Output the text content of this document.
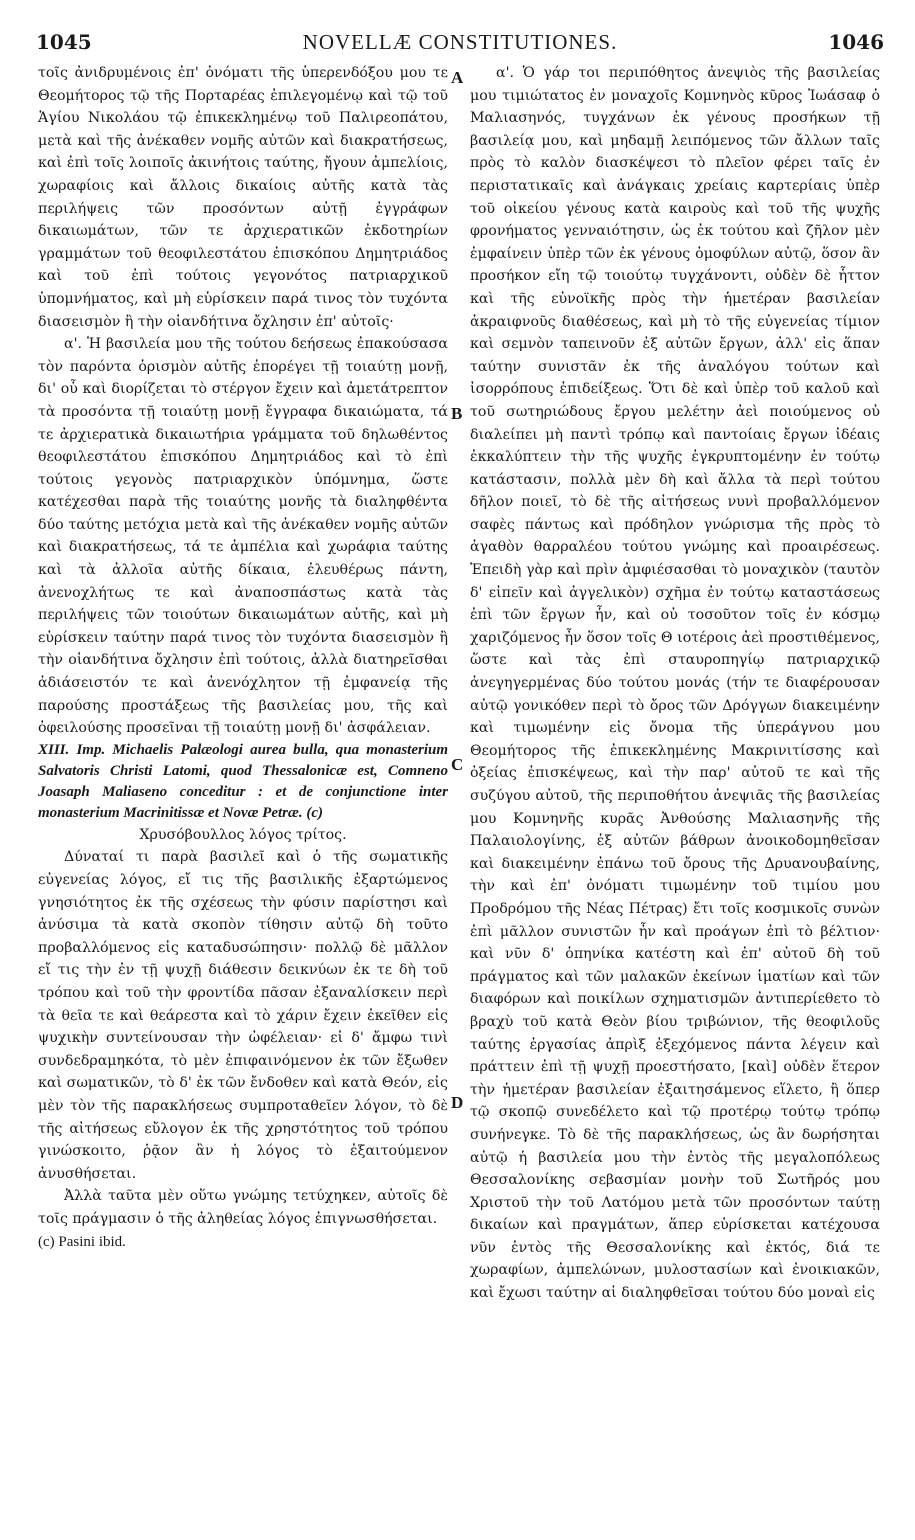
1045	NOVELLÆ CONSTITUTIONES.	1046
A
B
C
D

τοῖς ἀνιδρυμένοις ἐπ' ὀνόματι τῆς ὑπερενδόξου μου τε Θεομήτορος τῷ τῆς Πορταρέας ἐπιλεγομένῳ καὶ τῷ τοῦ Ἁγίου Νικολάου τῷ ἐπικεκλημένῳ τοῦ Παλιρεοπάτου, μετὰ καὶ τῆς ἀνέκαθεν νομῆς αὐτῶν καὶ διακρατήσεως, καὶ ἐπὶ τοῖς λοιποῖς ἀκινήτοις ταύτης, ἤγουν ἀμπελίοις, χωραφίοις καὶ ἄλλοις δικαίοις αὐτῆς κατὰ τὰς περιλήψεις τῶν προσόντων αὐτῇ ἐγγράφων δικαιωμάτων, τῶν τε ἀρχιερατικῶν ἐκδοτηρίων γραμμάτων τοῦ θεοφιλεστάτου ἐπισκόπου Δημητριάδος καὶ τοῦ ἐπὶ τούτοις γεγονότος πατριαρχικοῦ ὑπομνήματος, καὶ μὴ εὑρίσκειν παρά τινος τὸν τυχόντα διασεισμὸν ἢ τὴν οἱανδήτινα ὄχλησιν ἐπ' αὐτοῖς·

α'. Ἡ βασιλεία μου τῆς τούτου δεήσεως ἐπακούσασα τὸν παρόντα ὁρισμὸν αὐτῆς ἐπορέγει τῇ τοιαύτῃ μονῇ, δι' οὗ καὶ διορίζεται τὸ στέργον ἔχειν καὶ ἀμετάτρεπτον τὰ προσόντα τῇ τοιαύτῃ μονῇ ἔγγραφα δικαιώματα, τά τε ἀρχιερατικὰ δικαιωτήρια γράμματα τοῦ δηλωθέντος θεοφιλεστάτου ἐπισκόπου Δημητριάδος καὶ τὸ ἐπὶ τούτοις γεγονὸς πατριαρχικὸν ὑπόμνημα, ὥστε κατέχεσθαι παρὰ τῆς τοιαύτης μονῆς τὰ διαληφθέντα δύο ταύτης μετόχια μετὰ καὶ τῆς ἀνέκαθεν νομῆς αὐτῶν καὶ διακρατήσεως, τά τε ἀμπέλια καὶ χωράφια ταύτης καὶ τὰ ἀλλοῖα αὐτῆς δίκαια, ἐλευθέρως πάντη, ἀνενοχλήτως τε καὶ ἀναποσπάστως κατὰ τὰς περιλήψεις τῶν τοιούτων δικαιωμάτων αὐτῆς, καὶ μὴ εὑρίσκειν ταύτην παρά τινος τὸν τυχόντα διασεισμὸν ἢ τὴν οἱανδήτινα ὄχλησιν ἐπὶ τούτοις, ἀλλὰ διατηρεῖσθαι ἀδιάσειστόν τε καὶ ἀνενόχλητον τῇ ἐμφανείᾳ τῆς παρούσης προστάξεως τῆς βασιλείας μου, τῆς καὶ ὀφειλούσης προσεῖναι τῇ τοιαύτῃ μονῇ δι' ἀσφάλειαν.

XIII. Imp. Michaelis Palæologi aurea bulla, qua monasterium Salvatoris Christi Latomi, quod Thessalonicæ est, Comneno Joasaph Maliaseno conceditur : et de conjunctione inter monasterium Macrinitissæ et Novæ Petræ. (c)

Χρυσόβουλλος λόγος τρίτος.

Δύναταί τι παρὰ βασιλεῖ καὶ ὁ τῆς σωματικῆς εὐγενείας λόγος, εἴ τις τῆς βασιλικῆς ἐξαρτώμενος γνησιότητος ἐκ τῆς σχέσεως τὴν φύσιν παρίστησι καὶ ἀνύσιμα τὰ κατὰ σκοπὸν τίθησιν αὐτῷ δὴ τοῦτο προβαλλόμενος εἰς καταδυσώπησιν· πολλῷ δὲ μᾶλλον εἴ τις τὴν ἐν τῇ ψυχῇ διάθεσιν δεικνύων ἐκ τε δὴ τοῦ τρόπου καὶ τοῦ τὴν φροντίδα πᾶσαν ἐξαναλίσκειν περὶ τὰ θεῖα τε καὶ θεάρεστα καὶ τὸ χάριν ἔχειν ἐκεῖθεν εἰς ψυχικὴν συντείνουσαν τὴν ὠφέλειαν· εἰ δ' ἄμφω τινὶ συνδεδραμηκότα, τὸ μὲν ἐπιφαινόμενον ἐκ τῶν ἔξωθεν καὶ σωματικῶν, τὸ δ' ἐκ τῶν ἔνδοθεν καὶ κατὰ Θεόν, εἰς μὲν τὸν τῆς παρακλήσεως συμπροταθεῖεν λόγον, τὸ δὲ τῆς αἰτήσεως εὔλογον ἐκ τῆς χρηστότητος τοῦ τρόπου γινώσκοιτο, ῥᾷον ἂν ἡ λόγος τὸ ἐξαιτούμενον ἀνυσθήσεται.

Ἀλλὰ ταῦτα μὲν οὕτω γνώμης τετύχηκεν, αὐτοῖς δὲ τοῖς πράγμασιν ὁ τῆς ἀληθείας λόγος ἐπιγνωσθήσεται.

(c) Pasini ibid.

α'. Ὁ γάρ τοι περιπόθητος ἀνεψιὸς τῆς βασιλείας μου τιμιώτατος ἐν μοναχοῖς Κομνηνὸς κῦρος Ἰωάσαφ ὁ Μαλιασηνός, τυγχάνων ἐκ γένους προσήκων τῇ βασιλείᾳ μου, καὶ μηδαμῇ λειπόμενος τῶν ἄλλων ταῖς πρὸς τὸ καλὸν διασκέψεσι τὸ πλεῖον φέρει ταῖς ἐν περιστατικαῖς καὶ ἀνάγκαις χρείαις καρτερίαις ὑπὲρ τοῦ οἰκείου γένους κατὰ καιροὺς καὶ τοῦ τῆς ψυχῆς φρονήματος γενναιότησιν, ὡς ἐκ τούτου καὶ ζῆλον μὲν ἐμφαίνειν ὑπὲρ τῶν ἐκ γένους ὁμοφύλων αὐτῷ, ὅσον ἂν προσήκον εἴη τῷ τοιούτῳ τυγχάνοντι, οὐδὲν δὲ ἧττον καὶ τῆς εὐνοϊκῆς πρὸς τὴν ἡμετέραν βασιλείαν ἀκραιφνοῦς διαθέσεως, καὶ μὴ τὸ τῆς εὐγενείας τίμιον καὶ σεμνὸν ταπεινοῦν ἐξ αὐτῶν ἔργων, ἀλλ' εἰς ἅπαν ταύτην συνιστᾶν ἐκ τῆς ἀναλόγου τούτων καὶ ἰσορρόπους ἐπιδείξεως. Ὅτι δὲ καὶ ὑπὲρ τοῦ καλοῦ καὶ τοῦ σωτηριώδους ἔργου μελέτην ἀεὶ ποιούμενος οὐ διαλείπει μὴ παντὶ τρόπῳ καὶ παντοίαις ἔργων ἰδέαις ἐκκαλύπτειν τὴν τῆς ψυχῆς ἐγκρυπτομένην ἐν τούτῳ κατάστασιν, πολλὰ μὲν δὴ καὶ ἄλλα τὰ περὶ τούτου δῆλον ποιεῖ, τὸ δὲ τῆς αἰτήσεως νυνὶ προβαλλόμενον σαφὲς πάντως καὶ πρόδηλον γνώρισμα τῆς πρὸς τὸ ἀγαθὸν θαρραλέου τούτου γνώμης καὶ προαιρέσεως. Ἐπειδὴ γὰρ καὶ πρὶν ἀμφιέσασθαι τὸ μοναχικὸν (ταυτὸν δ' εἰπεῖν καὶ ἀγγελικὸν) σχῆμα ἐν τούτῳ καταστάσεως ἐπὶ τῶν ἔργων ἦν, καὶ οὐ τοσοῦτον τοῖς ἐν κόσμῳ χαριζόμενος ἦν ὅσον τοῖς Θ ιοτέροις ἀεὶ προστιθέμενος, ὥστε καὶ τὰς ἐπὶ σταυροπηγίῳ πατριαρχικῷ ἀνεγηγερμένας δύο τούτου μονάς (τήν τε διαφέρουσαν αὐτῷ γονικόθεν περὶ τὸ ὄρος τῶν Δρόγγων διακειμένην καὶ τιμωμένην εἰς ὄνομα τῆς ὑπεράγνου μου Θεομήτορος τῆς ἐπικεκλημένης Μακρινιτίσσης καὶ ὀξείας ἐπισκέψεως, καὶ τὴν παρ' αὐτοῦ τε καὶ τῆς συζύγου αὐτοῦ, τῆς περιποθήτου ἀνεψιᾶς τῆς βασιλείας μου Κομνηνῆς κυρᾶς Ἀνθούσης Μαλιασηνῆς τῆς Παλαιολογίνης, ἐξ αὐτῶν βάθρων ἀνοικοδομηθεῖσαν καὶ διακειμένην ἐπάνω τοῦ ὄρους τῆς Δρυανουβαίνης, τὴν καὶ ἐπ' ὀνόματι τιμωμένην τοῦ τιμίου μου Προδρόμου τῆς Νέας Πέτρας) ἔτι τοῖς κοσμικοῖς συνὼν ἐπὶ μᾶλλον συνιστῶν ἦν καὶ προάγων ἐπὶ τὸ βέλτιον· καὶ νῦν δ' ὁπηνίκα κατέστη καὶ ἐπ' αὐτοῦ δὴ τοῦ πράγματος καὶ τῶν μαλακῶν ἐκείνων ἱματίων καὶ τῶν διαφόρων καὶ ποικίλων σχηματισμῶν ἀντιπερίεθετο τὸ βραχὺ τοῦ κατὰ Θεὸν βίου τριβώνιον, τῆς θεοφιλοῦς ταύτης ἐργασίας ἀπρὶξ ἐξεχόμενος πάντα λέγειν καὶ πράττειν ἐπὶ τῇ ψυχῇ προεστήσατο, [καὶ] οὐδὲν ἕτερον τὴν ἡμετέραν βασιλείαν ἐξαιτησάμενος εἵλετο, ἢ ὅπερ τῷ σκοπῷ συνεδέλετο καὶ τῷ προτέρῳ τούτῳ τρόπῳ συνήνεγκε. Τὸ δὲ τῆς παρακλήσεως, ὡς ἂν δωρήσηται αὐτῷ ἡ βασιλεία μου τὴν ἐντὸς τῆς μεγαλοπόλεως Θεσσαλονίκης σεβασμίαν μονὴν τοῦ Σωτῆρός μου Χριστοῦ τὴν τοῦ Λατόμου μετὰ τῶν προσόντων ταύτῃ δικαίων καὶ πραγμάτων, ἅπερ εὑρίσκεται κατέχουσα νῦν ἐντὸς τῆς Θεσσαλονίκης καὶ ἐκτός, διά τε χωραφίων, ἀμπελώνων, μυλοστασίων καὶ ἐνοικιακῶν, καὶ ἔχωσι ταύτην αἱ διαληφθεῖσαι τούτου δύο μοναὶ εἰς
